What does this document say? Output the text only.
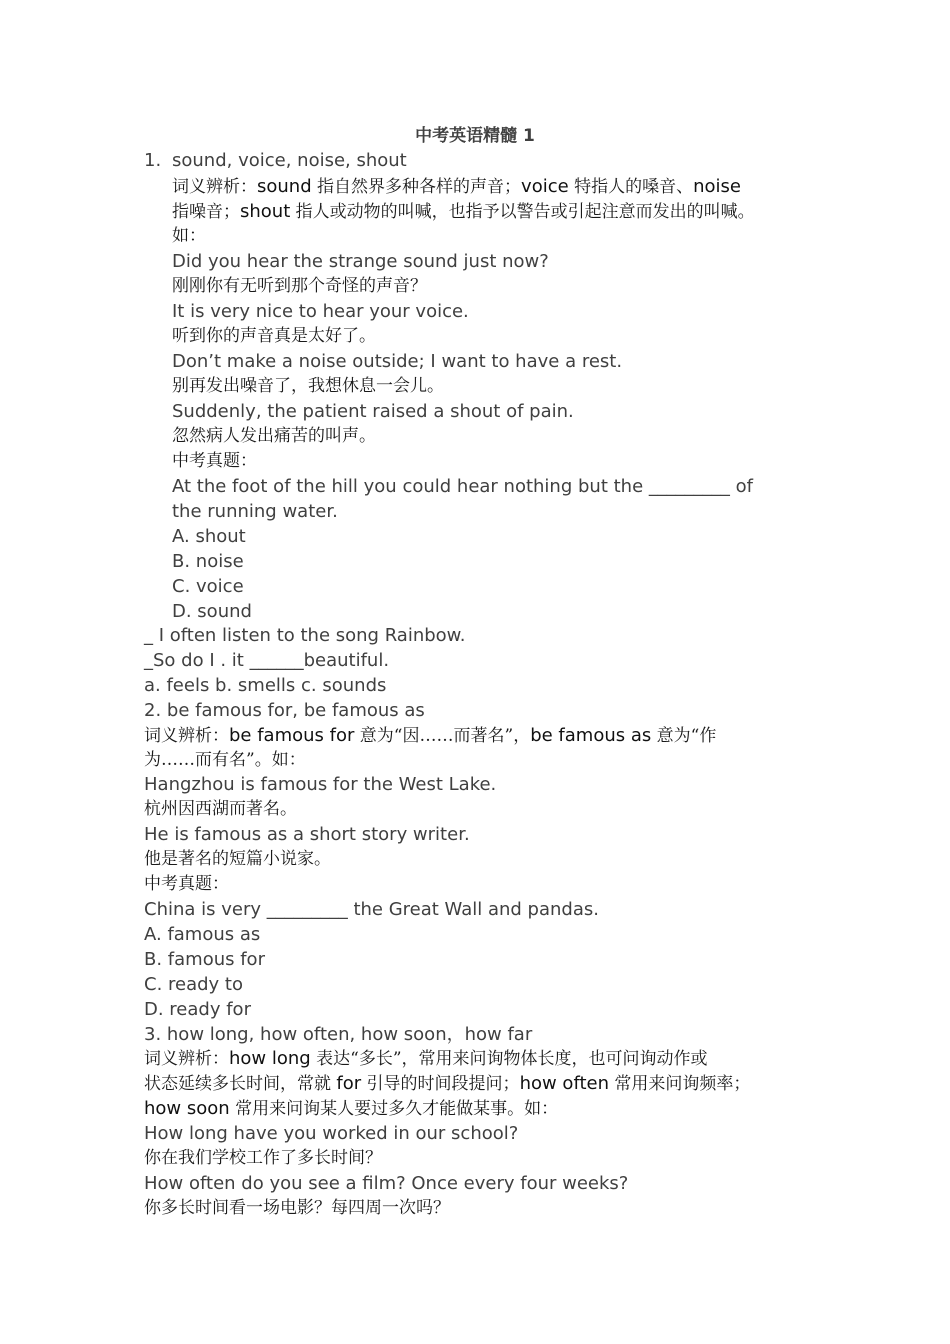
中考英语精髓 1
1. sound, voice, noise, shout
词义辨析：sound 指自然界多种各样的声音；voice 特指人的嗓音、noise
指噪音；shout 指人或动物的叫喊，也指予以警告或引起注意而发出的叫喊。
如：
Did you hear the strange sound just now?
刚刚你有无听到那个奇怪的声音？
It is very nice to hear your voice.
听到你的声音真是太好了。
Don’t make a noise outside; I want to have a rest.
别再发出噪音了，我想休息一会儿。
Suddenly, the patient raised a shout of pain.
忽然病人发出痛苦的叫声。
中考真题：
At the foot of the hill you could hear nothing but the _________ of
the running water.
A. shout
B. noise
C. voice
D. sound
_ I often listen to the song Rainbow.
_So do I . it ______beautiful.
a. feels b. smells c. sounds
2. be famous for, be famous as
词义辨析：be famous for 意为“因……而著名”，be famous as 意为“作
为……而有名”。如：
Hangzhou is famous for the West Lake.
杭州因西湖而著名。
He is famous as a short story writer.
他是著名的短篇小说家。
中考真题：
China is very _________ the Great Wall and pandas.
A. famous as
B. famous for
C. ready to
D. ready for
3. how long, how often, how soon，how far
词义辨析：how long 表达“多长”，常用来问询物体长度，也可问询动作或
状态延续多长时间，常就 for 引导的时间段提问；how often 常用来问询频率；
how soon 常用来问询某人要过多久才能做某事。如：
How long have you worked in our school?
你在我们学校工作了多长时间？
How often do you see a film? Once every four weeks?
你多长时间看一场电影？每四周一次吗？
